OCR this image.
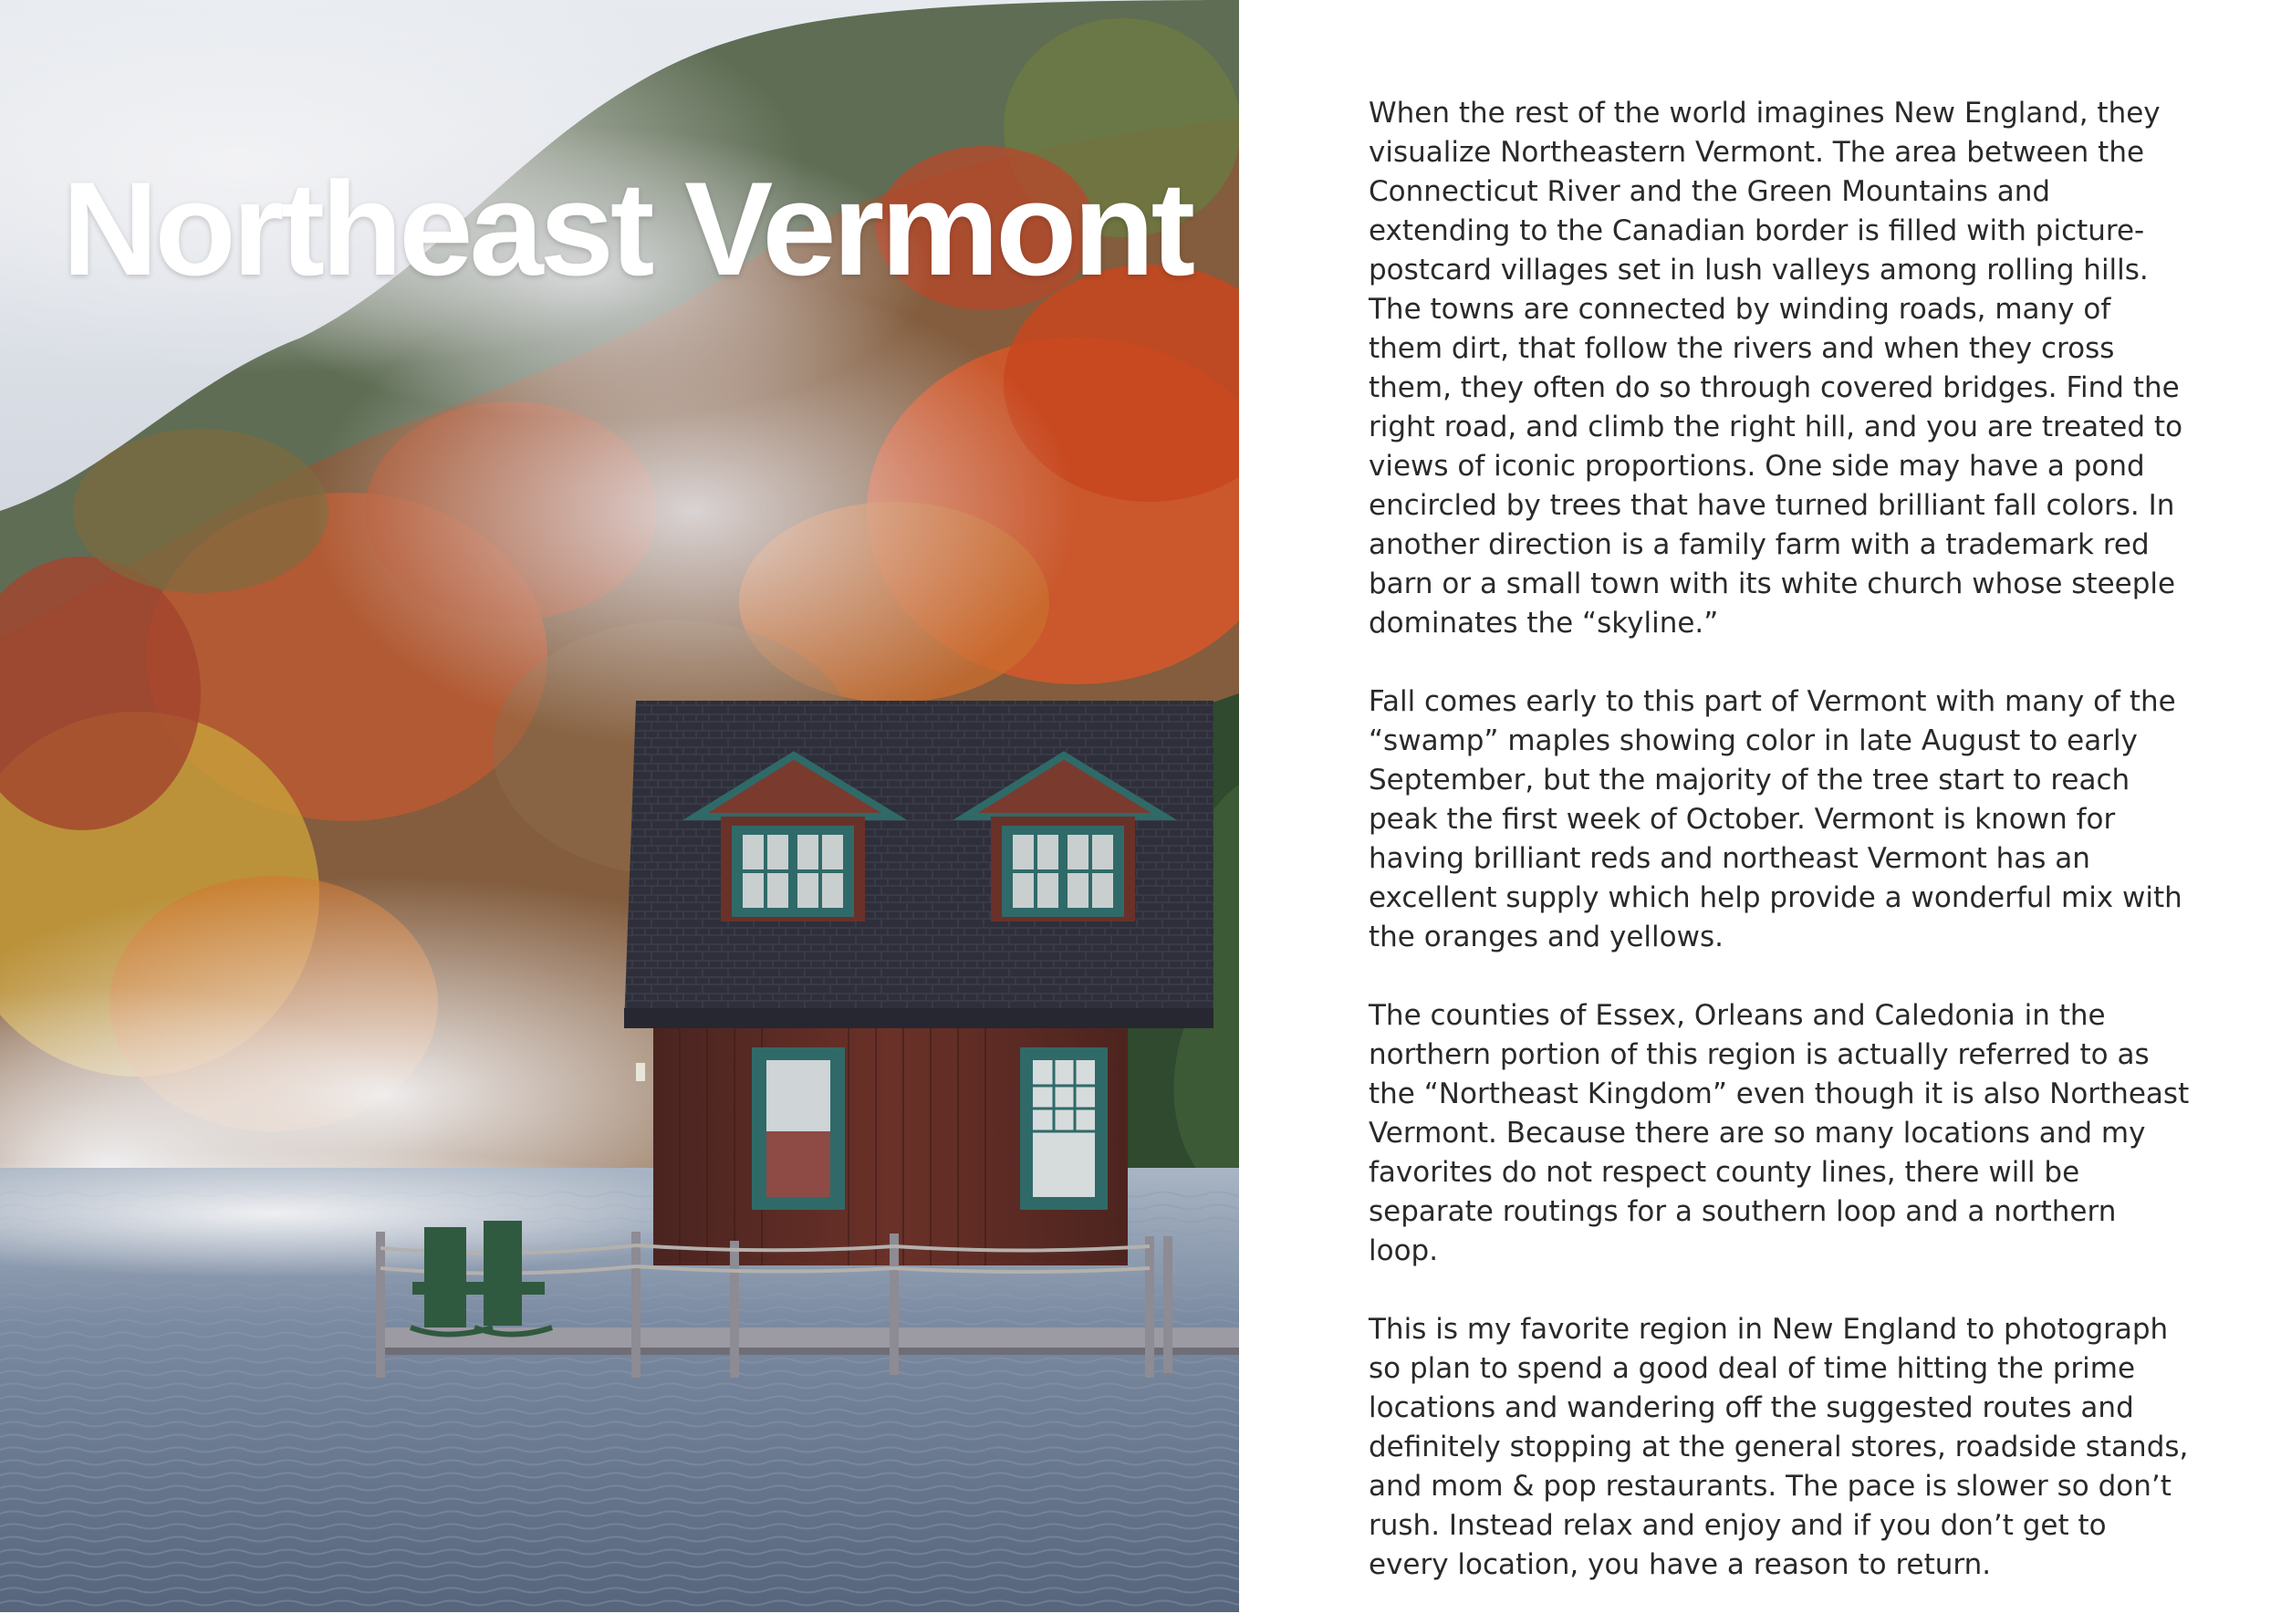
Northeast Vermont

When the rest of the world imagines New England, they visualize Northeastern Vermont. The area between the Connecticut River and the Green Mountains and extending to the Canadian border is filled with picture-postcard villages set in lush valleys among rolling hills. The towns are connected by winding roads, many of them dirt, that follow the rivers and when they cross them, they often do so through covered bridges. Find the right road, and climb the right hill, and you are treated to views of iconic proportions. One side may have a pond encircled by trees that have turned brilliant fall colors. In another direction is a family farm with a trademark red barn or a small town with its white church whose steeple dominates the “skyline.”

Fall comes early to this part of Vermont with many of the “swamp” maples showing color in late August to early September, but the majority of the tree start to reach peak the first week of October. Vermont is known for having brilliant reds and northeast Vermont has an excellent supply which help provide a wonderful mix with the oranges and yellows.

The counties of Essex, Orleans and Caledonia in the northern portion of this region is actually referred to as the “Northeast Kingdom” even though it is also Northeast Vermont. Because there are so many locations and my favorites do not respect county lines, there will be separate routings for a southern loop and a northern loop.

This is my favorite region in New England to photograph so plan to spend a good deal of time hitting the prime locations and wandering off the suggested routes and definitely stopping at the general stores, roadside stands, and mom & pop restaurants. The pace is slower so don’t rush. Instead relax and enjoy and if you don’t get to every location, you have a reason to return.
